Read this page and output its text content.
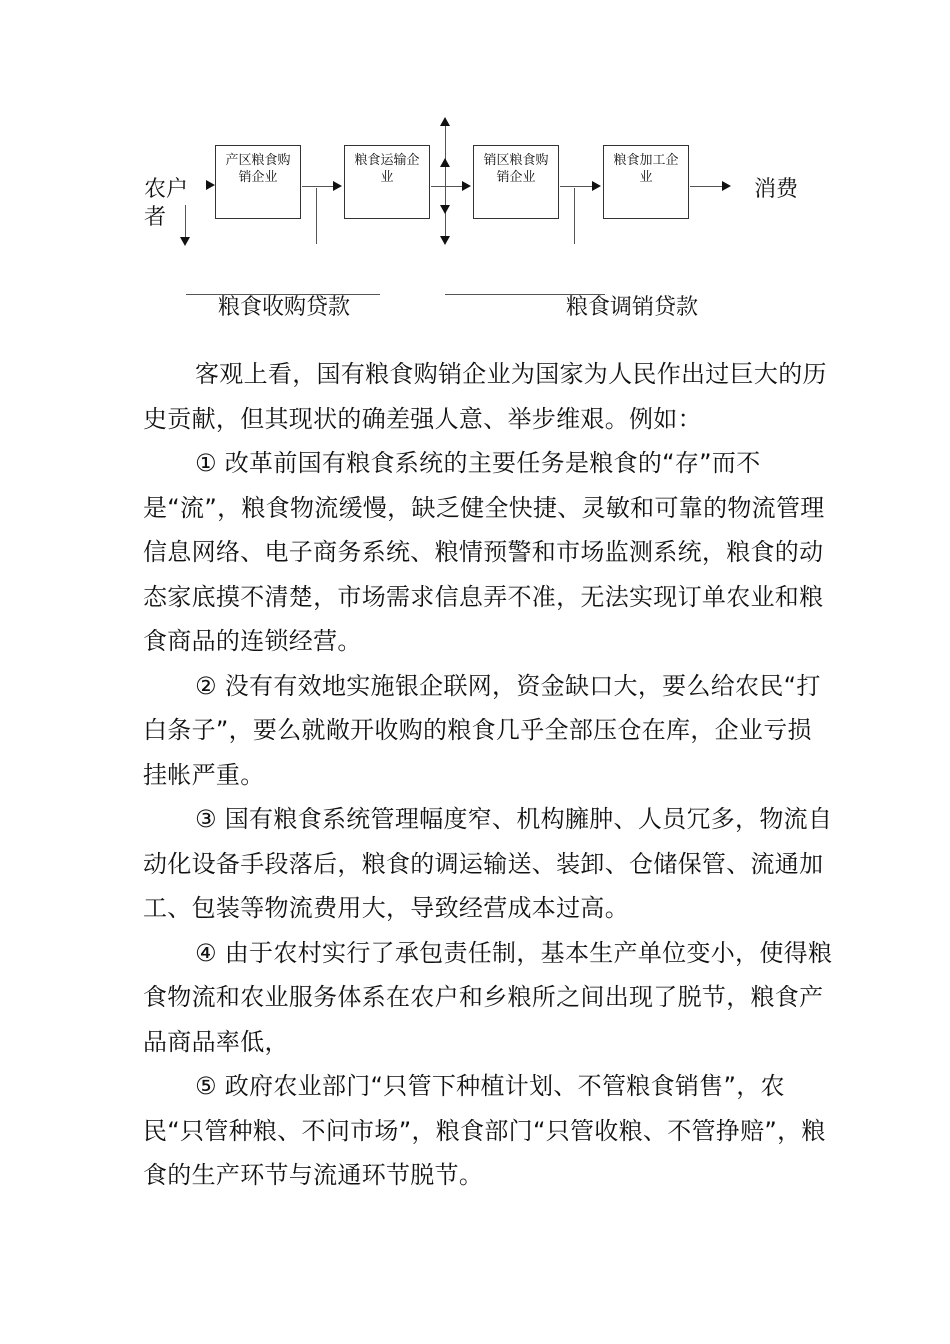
农户者
产区粮食购销企业
粮食运输企业
销区粮食购销企业
粮食加工企业	消费
粮食收购贷款	粮食调销贷款

客观上看，国有粮食购销企业为国家为人民作出过巨大的历史贡献，但其现状的确差强人意、举步维艰。例如：

① 改革前国有粮食系统的主要任务是粮食的“存”而不是“流”，粮食物流缓慢，缺乏健全快捷、灵敏和可靠的物流管理信息网络、电子商务系统、粮情预警和市场监测系统，粮食的动态家底摸不清楚，市场需求信息弄不准，无法实现订单农业和粮食商品的连锁经营。

② 没有有效地实施银企联网，资金缺口大，要么给农民“打白条子”，要么就敞开收购的粮食几乎全部压仓在库，企业亏损挂帐严重。

③ 国有粮食系统管理幅度窄、机构臃肿、人员冗多，物流自动化设备手段落后，粮食的调运输送、装卸、仓储保管、流通加工、包装等物流费用大，导致经营成本过高。

④ 由于农村实行了承包责任制，基本生产单位变小，使得粮食物流和农业服务体系在农户和乡粮所之间出现了脱节，粮食产品商品率低，

⑤ 政府农业部门“只管下种植计划、不管粮食销售”，农民“只管种粮、不问市场”，粮食部门“只管收粮、不管挣赔”，粮食的生产环节与流通环节脱节。
